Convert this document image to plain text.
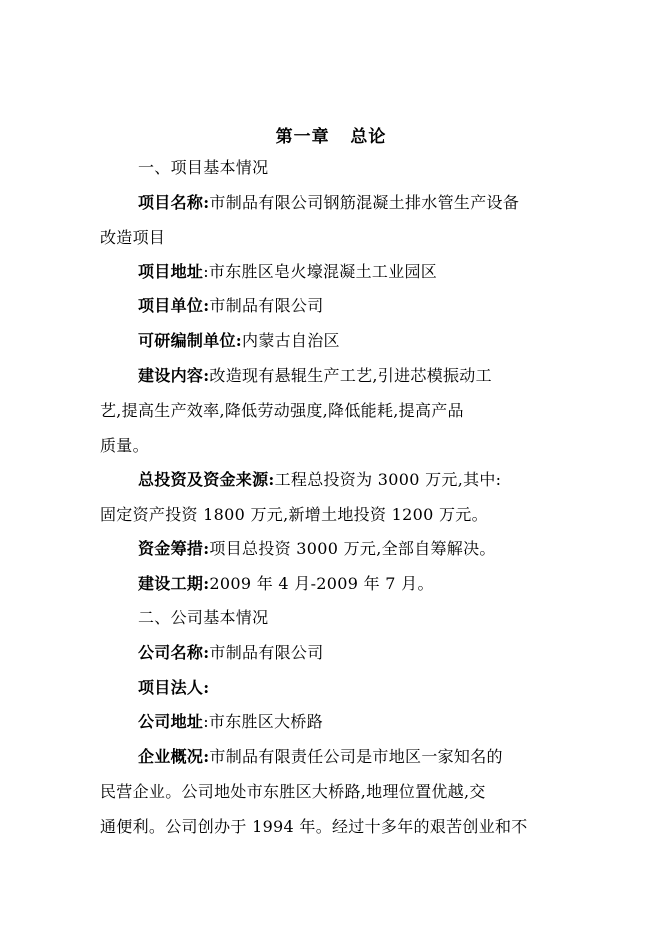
第一章   总论
一、项目基本情况
项目名称:市制品有限公司钢筋混凝土排水管生产设备
改造项目
项目地址:市东胜区皂火壕混凝土工业园区
项目单位:市制品有限公司
可研编制单位:内蒙古自治区
建设内容:改造现有悬辊生产工艺,引进芯模振动工
艺,提高生产效率,降低劳动强度,降低能耗,提高产品
质量。
总投资及资金来源:工程总投资为 3000 万元,其中:
固定资产投资 1800 万元,新增土地投资 1200 万元。
资金筹措:项目总投资 3000 万元,全部自筹解决。
建设工期:2009 年 4 月-2009 年 7 月。
二、公司基本情况
公司名称:市制品有限公司
项目法人:
公司地址:市东胜区大桥路
企业概况:市制品有限责任公司是市地区一家知名的
民营企业。公司地处市东胜区大桥路,地理位置优越,交
通便利。公司创办于 1994 年。经过十多年的艰苦创业和不
